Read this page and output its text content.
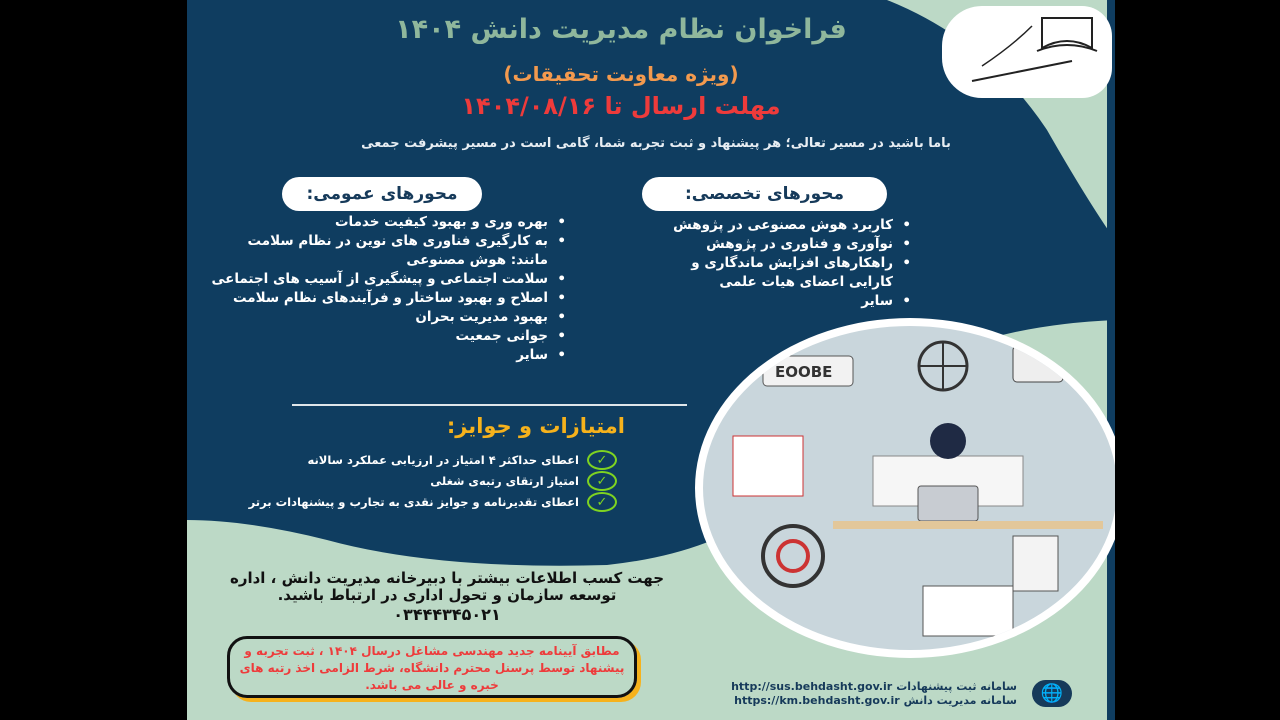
فراخوان نظام مدیریت دانش ۱۴۰۴
(ویژه معاونت تحقیقات)
مهلت ارسال تا ۱۴۰۴/۰۸/۱۶
باما باشید در مسیر تعالی؛ هر پیشنهاد و ثبت تجربه شما، گامی است در مسیر پیشرفت جمعی
محورهای عمومی:	محورهای تخصصی:
• بهره وری و بهبود کیفیت خدمات
• به کارگیری فناوری های نوین در نظام سلامت مانند: هوش مصنوعی
• سلامت اجتماعی و پیشگیری از آسیب های اجتماعی
• اصلاح و بهبود ساختار و فرآیندهای نظام سلامت
• بهبود مدیریت بحران
• جوانی جمعیت
• سایر
• کاربرد هوش مصنوعی در پژوهش
• نوآوری و فناوری در پژوهش
• راهکارهای افزایش ماندگاری و کارایی اعضای هیات علمی
• سایر
EOOBE
امتیازات و جوایز:
✓
اعطای حداکثر ۴ امتیاز در ارزیابی عملکرد سالانه
✓
امتیاز ارتقای رتبه‌ی شغلی
✓
اعطای تقدیرنامه و جوایز نقدی به تجارب و پیشنهادات برتر
جهت کسب اطلاعات بیشتر با دبیرخانه مدیریت دانش ، اداره توسعه سازمان و تحول اداری در ارتباط باشید.
۰۳۴۴۴۳۴۵۰۲۱
مطابق آیینامه جدید مهندسی مشاغل درسال ۱۴۰۴ ، ثبت تجربه و پیشنهاد توسط پرسنل محترم دانشگاه، شرط الزامی اخذ رتبه های خبره و عالی می باشد.	http://sus.behdasht.gov.ir سامانه ثبت پیشنهادات
https://km.behdasht.gov.ir سامانه مدیریت دانش	🌐
